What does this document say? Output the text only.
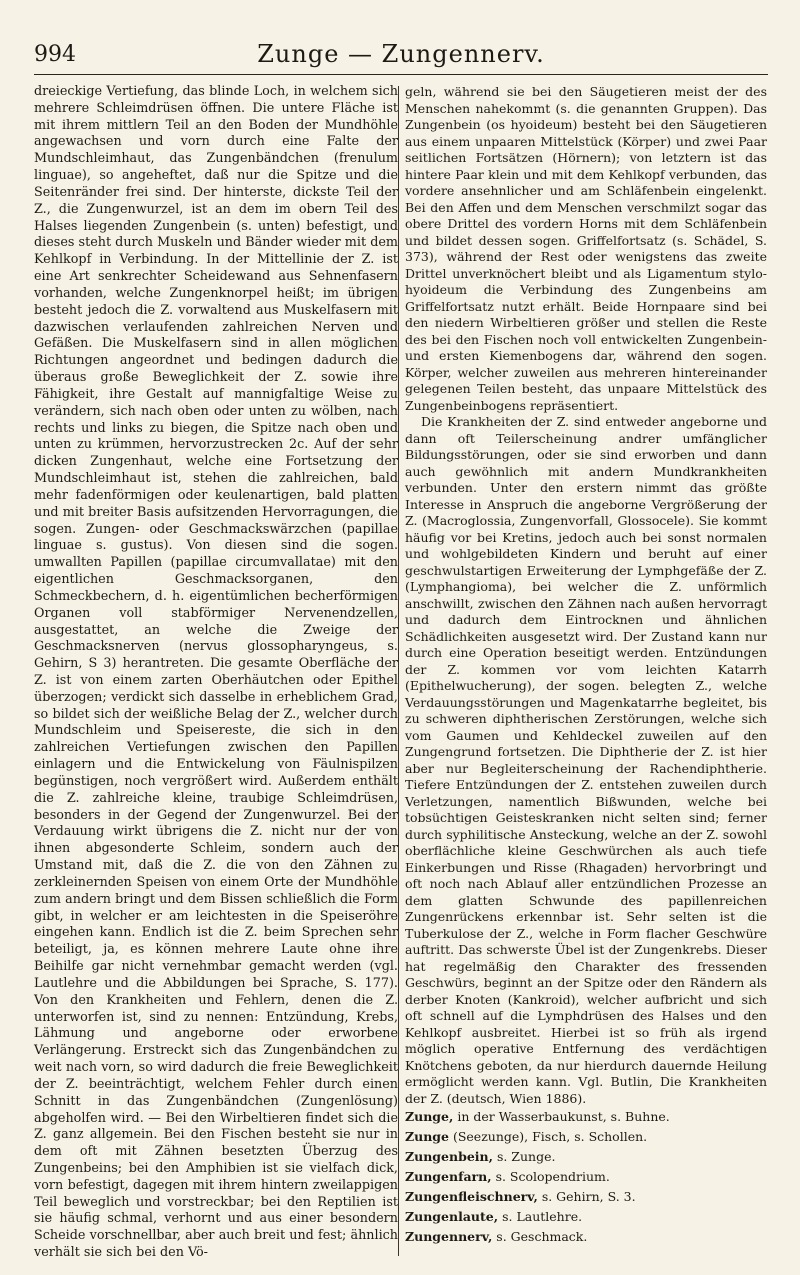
994	Zunge — Zungennerv.

dreieckige Vertiefung, das blinde Loch, in welchem sich mehrere Schleimdrüsen öffnen. Die untere Fläche ist mit ihrem mittlern Teil an den Boden der Mundhöhle angewachsen und vorn durch eine Falte der Mundschleimhaut, das Zungenbändchen (frenulum linguae), so angeheftet, daß nur die Spitze und die Seitenränder frei sind. Der hinterste, dickste Teil der Z., die Zungenwurzel, ist an dem im obern Teil des Halses liegenden Zungenbein (s. unten) befestigt, und dieses steht durch Muskeln und Bänder wieder mit dem Kehlkopf in Verbindung. In der Mittellinie der Z. ist eine Art senkrechter Scheidewand aus Sehnenfasern vorhanden, welche Zungenknorpel heißt; im übrigen besteht jedoch die Z. vorwaltend aus Muskelfasern mit dazwischen verlaufenden zahlreichen Nerven und Gefäßen. Die Muskelfasern sind in allen möglichen Richtungen angeordnet und bedingen dadurch die überaus große Beweglichkeit der Z. sowie ihre Fähigkeit, ihre Gestalt auf mannigfaltige Weise zu verändern, sich nach oben oder unten zu wölben, nach rechts und links zu biegen, die Spitze nach oben und unten zu krümmen, hervorzustrecken 2c. Auf der sehr dicken Zungenhaut, welche eine Fortsetzung der Mundschleimhaut ist, stehen die zahlreichen, bald mehr fadenförmigen oder keulenartigen, bald platten und mit breiter Basis aufsitzenden Hervorragungen, die sogen. Zungen- oder Geschmackswärzchen (papillae linguae s. gustus). Von diesen sind die sogen. umwallten Papillen (papillae circumvallatae) mit den eigentlichen Geschmacksorganen, den Schmeckbechern, d. h. eigentümlichen becherförmigen Organen voll stabförmiger Nervenendzellen, ausgestattet, an welche die Zweige der Geschmacksnerven (nervus glossopharyngeus, s. Gehirn, S 3) herantreten. Die gesamte Oberfläche der Z. ist von einem zarten Oberhäutchen oder Epithel überzogen; verdickt sich dasselbe in erheblichem Grad, so bildet sich der weißliche Belag der Z., welcher durch Mundschleim und Speisereste, die sich in den zahlreichen Vertiefungen zwischen den Papillen einlagern und die Entwickelung von Fäulnispilzen begünstigen, noch vergrößert wird. Außerdem enthält die Z. zahlreiche kleine, traubige Schleimdrüsen, besonders in der Gegend der Zungenwurzel. Bei der Verdauung wirkt übrigens die Z. nicht nur der von ihnen abgesonderte Schleim, sondern auch der Umstand mit, daß die Z. die von den Zähnen zu zerkleinernden Speisen von einem Orte der Mundhöhle zum andern bringt und dem Bissen schließlich die Form gibt, in welcher er am leichtesten in die Speiseröhre eingehen kann. Endlich ist die Z. beim Sprechen sehr beteiligt, ja, es können mehrere Laute ohne ihre Beihilfe gar nicht vernehmbar gemacht werden (vgl. Lautlehre und die Abbildungen bei Sprache, S. 177). Von den Krankheiten und Fehlern, denen die Z. unterworfen ist, sind zu nennen: Entzündung, Krebs, Lähmung und angeborne oder erworbene Verlängerung. Erstreckt sich das Zungenbändchen zu weit nach vorn, so wird dadurch die freie Beweglichkeit der Z. beeinträchtigt, welchem Fehler durch einen Schnitt in das Zungenbändchen (Zungenlösung) abgeholfen wird. — Bei den Wirbeltieren findet sich die Z. ganz allgemein. Bei den Fischen besteht sie nur in dem oft mit Zähnen besetzten Überzug des Zungenbeins; bei den Amphibien ist sie vielfach dick, vorn befestigt, dagegen mit ihrem hintern zweilappigen Teil beweglich und vorstreckbar; bei den Reptilien ist sie häufig schmal, verhornt und aus einer besondern Scheide vorschnellbar, aber auch breit und fest; ähnlich verhält sie sich bei den Vö-

geln, während sie bei den Säugetieren meist der des Menschen nahekommt (s. die genannten Gruppen). Das Zungenbein (os hyoideum) besteht bei den Säugetieren aus einem unpaaren Mittelstück (Körper) und zwei Paar seitlichen Fortsätzen (Hörnern); von letztern ist das hintere Paar klein und mit dem Kehlkopf verbunden, das vordere ansehnlicher und am Schläfenbein eingelenkt. Bei den Affen und dem Menschen verschmilzt sogar das obere Drittel des vordern Horns mit dem Schläfenbein und bildet dessen sogen. Griffelfortsatz (s. Schädel, S. 373), während der Rest oder wenigstens das zweite Drittel unverknöchert bleibt und als Ligamentum stylo-hyoideum die Verbindung des Zungenbeins am Griffelfortsatz nutzt erhält. Beide Hornpaare sind bei den niedern Wirbeltieren größer und stellen die Reste des bei den Fischen noch voll entwickelten Zungenbein- und ersten Kiemenbogens dar, während den sogen. Körper, welcher zuweilen aus mehreren hintereinander gelegenen Teilen besteht, das unpaare Mittelstück des Zungenbeinbogens repräsentiert.

Die Krankheiten der Z. sind entweder angeborne und dann oft Teilerscheinung andrer umfänglicher Bildungsstörungen, oder sie sind erworben und dann auch gewöhnlich mit andern Mundkrankheiten verbunden. Unter den erstern nimmt das größte Interesse in Anspruch die angeborne Vergrößerung der Z. (Macroglossia, Zungenvorfall, Glossocele). Sie kommt häufig vor bei Kretins, jedoch auch bei sonst normalen und wohlgebildeten Kindern und beruht auf einer geschwulstartigen Erweiterung der Lymphgefäße der Z. (Lymphangioma), bei welcher die Z. unförmlich anschwillt, zwischen den Zähnen nach außen hervorragt und dadurch dem Eintrocknen und ähnlichen Schädlichkeiten ausgesetzt wird. Der Zustand kann nur durch eine Operation beseitigt werden. Entzündungen der Z. kommen vor vom leichten Katarrh (Epithelwucherung), der sogen. belegten Z., welche Verdauungsstörungen und Magenkatarrhe begleitet, bis zu schweren diphtherischen Zerstörungen, welche sich vom Gaumen und Kehldeckel zuweilen auf den Zungengrund fortsetzen. Die Diphtherie der Z. ist hier aber nur Begleiterscheinung der Rachendiphtherie. Tiefere Entzündungen der Z. entstehen zuweilen durch Verletzungen, namentlich Bißwunden, welche bei tobsüchtigen Geisteskranken nicht selten sind; ferner durch syphilitische Ansteckung, welche an der Z. sowohl oberflächliche kleine Geschwürchen als auch tiefe Einkerbungen und Risse (Rhagaden) hervorbringt und oft noch nach Ablauf aller entzündlichen Prozesse an dem glatten Schwunde des papillenreichen Zungenrückens erkennbar ist. Sehr selten ist die Tuberkulose der Z., welche in Form flacher Geschwüre auftritt. Das schwerste Übel ist der Zungenkrebs. Dieser hat regelmäßig den Charakter des fressenden Geschwürs, beginnt an der Spitze oder den Rändern als derber Knoten (Kankroid), welcher aufbricht und sich oft schnell auf die Lymphdrüsen des Halses und den Kehlkopf ausbreitet. Hierbei ist so früh als irgend möglich operative Entfernung des verdächtigen Knötchens geboten, da nur hierdurch dauernde Heilung ermöglicht werden kann. Vgl. Butlin, Die Krankheiten der Z. (deutsch, Wien 1886).

Zunge, in der Wasserbaukunst, s. Buhne.
Zunge (Seezunge), Fisch, s. Schollen.
Zungenbein, s. Zunge.
Zungenfarn, s. Scolopendrium.
Zungenfleischnerv, s. Gehirn, S. 3.
Zungenlaute, s. Lautlehre.
Zungennerv, s. Geschmack.
